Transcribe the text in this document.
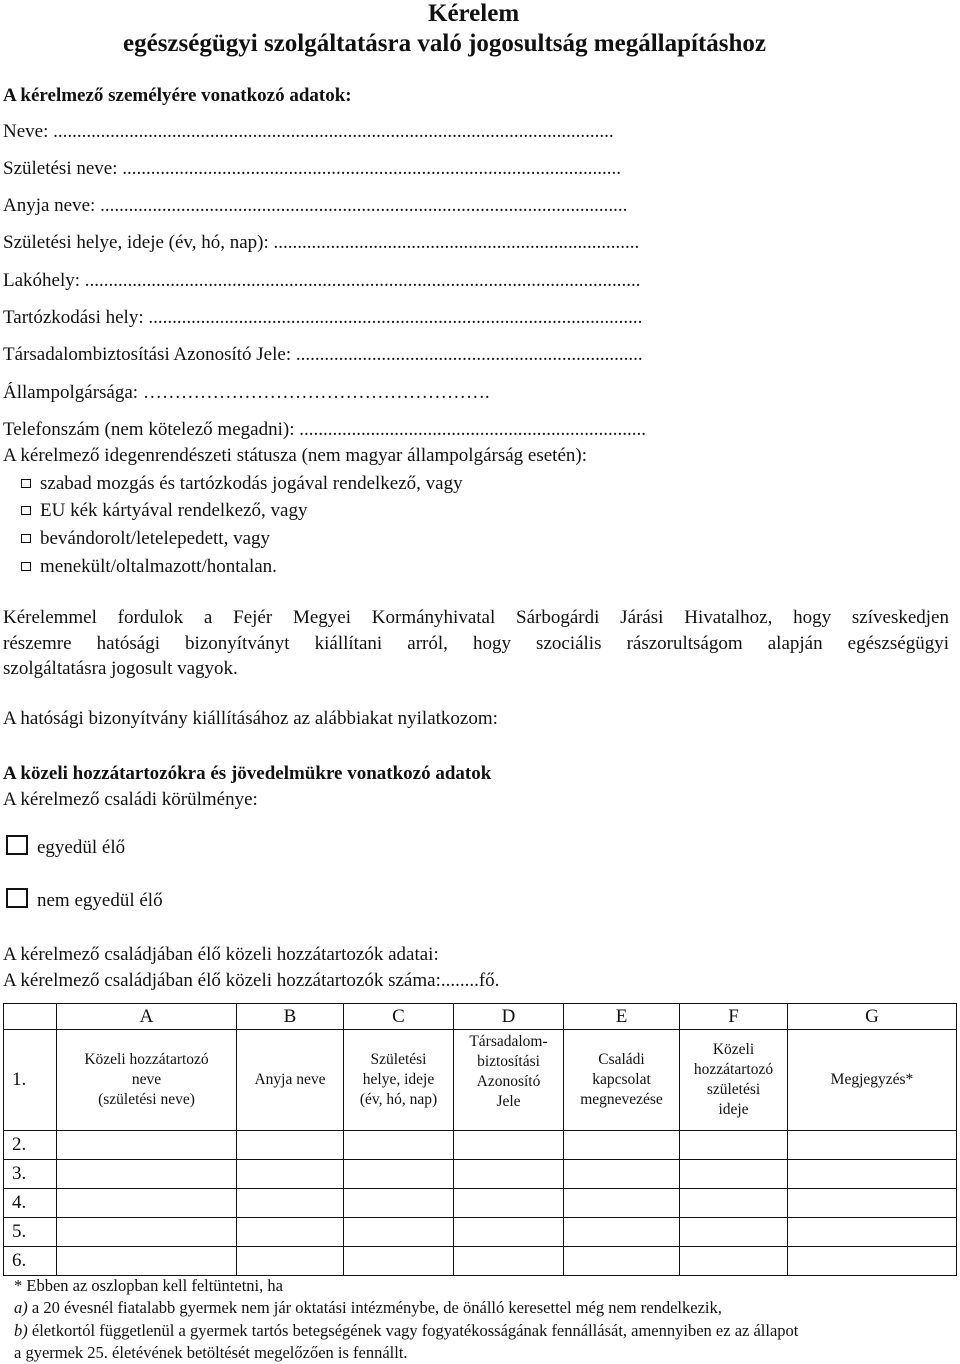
Kérelem
egészségügyi szolgáltatásra való jogosultság megállapításhoz
A kérelmező személyére vonatkozó adatok:
Neve: ......................................................................................................................
Születési neve: .........................................................................................................
Anyja neve: ...............................................................................................................
Születési helye, ideje (év, hó, nap): .............................................................................
Lakóhely: .....................................................................................................................
Tartózkodási hely: ........................................................................................................
Társadalombiztosítási Azonosító Jele: .........................................................................
Állampolgársága: ……………………………………………….
Telefonszám (nem kötelező megadni): .........................................................................
A kérelmező idegenrendészeti státusza (nem magyar állampolgárság esetén):
szabad mozgás és tartózkodás jogával rendelkező, vagy
EU kék kártyával rendelkező, vagy
bevándorolt/letelepedett, vagy
menekült/oltalmazott/hontalan.
Kérelemmel fordulok a Fejér Megyei Kormányhivatal Sárbogárdi Járási Hivatalhoz, hogy szíveskedjen
részemre hatósági bizonyítványt kiállítani arról, hogy szociális rászorultságom alapján egészségügyi
szolgáltatásra jogosult vagyok.
A hatósági bizonyítvány kiállításához az alábbiakat nyilatkozom:
A közeli hozzátartozókra és jövedelmükre vonatkozó adatok
A kérelmező családi körülménye:
egyedül élő
nem egyedül élő
A kérelmező családjában élő közeli hozzátartozók adatai:
A kérelmező családjában élő közeli hozzátartozók száma:........fő.
	A	B	C	D	E	F	G
1.	Közeli hozzátartozó
neve
(születési neve)	Anyja neve	Születési
helye, ideje
(év, hó, nap)	Társadalom-
biztosítási
Azonosító
Jele	Családi
kapcsolat
megnevezése	Közeli
hozzátartozó
születési
ideje	Megjegyzés*

2.							
3.							
4.							
5.							
6.							
* Ebben az oszlopban kell feltüntetni, ha
a) a 20 évesnél fiatalabb gyermek nem jár oktatási intézménybe, de önálló keresettel még nem rendelkezik,
b) életkortól függetlenül a gyermek tartós betegségének vagy fogyatékosságának fennállását, amennyiben ez az állapot
a gyermek 25. életévének betöltését megelőzően is fennállt.
